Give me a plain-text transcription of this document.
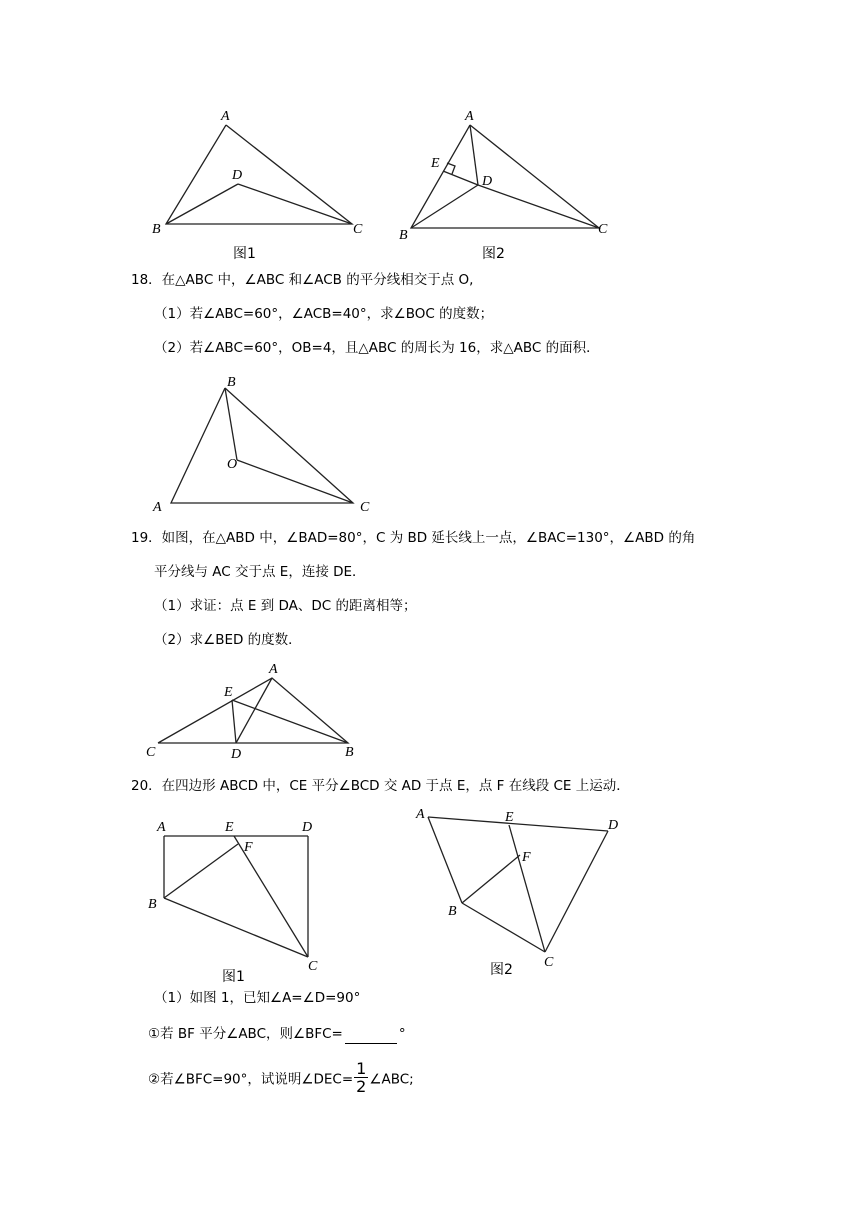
A
B	C
D
图1
A
B	C
D
E
图2
18．在△ABC 中，∠ABC 和∠ACB 的平分线相交于点 O,
（1）若∠ABC=60°，∠ACB=40°，求∠BOC 的度数；
（2）若∠ABC=60°，OB=4，且△ABC 的周长为 16，求△ABC 的面积．
B
A	C
O
19．如图，在△ABD 中，∠BAD=80°，C 为 BD 延长线上一点，∠BAC=130°，∠ABD 的角
平分线与 AC 交于点 E，连接 DE．
（1）求证：点 E 到 DA、DC 的距离相等；
（2）求∠BED 的度数．
A
E
C	D	B
20．在四边形 ABCD 中，CE 平分∠BCD 交 AD 于点 E，点 F 在线段 CE 上运动．
A	E	D
F
B
C
图1
A	E
D
F
B
C
图2
（1）如图 1，已知∠A=∠D=90°
①若 BF 平分∠ABC，则∠BFC=	°
②若∠BFC=90°，试说明∠DEC= $\frac{1}{2}$ ∠ABC;
